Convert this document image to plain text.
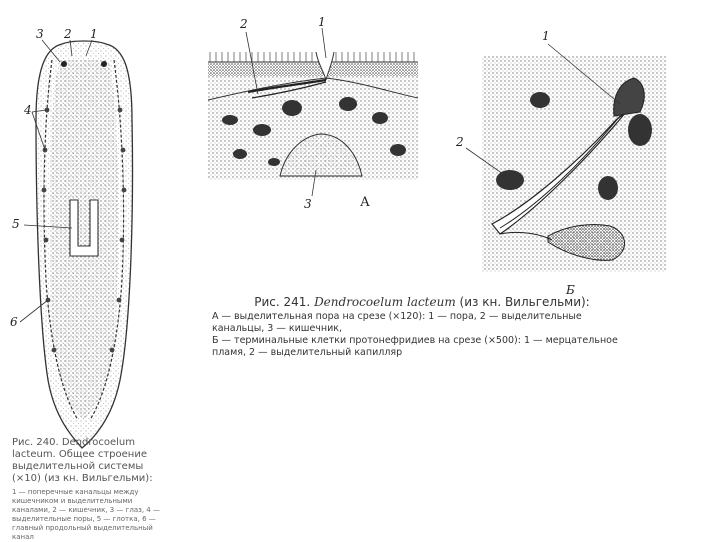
3 2 1
4
5
6
2	1
3	А
1
2
Б
Рис. 241. Dendrocoelum lacteum (из кн. Вильгельми):
А — выделительная пора на срезе (×120): 1 — пора, 2 — выделительные канальцы, 3 — кишечник,
Б — терминальные клетки протонефридиев на срезе (×500): 1 — мерцательное пламя, 2 — выделительный капилляр
Рис. 240. Dendrocoelum lacteum. Общее строение выделительной системы (×10) (из кн. Вильгельми):
1 — поперечные канальцы между кишечником и выделительными каналами, 2 — кишечник, 3 — глаз, 4 — выделительные поры, 5 — глотка, 6 — главный продольный выделительный канал
